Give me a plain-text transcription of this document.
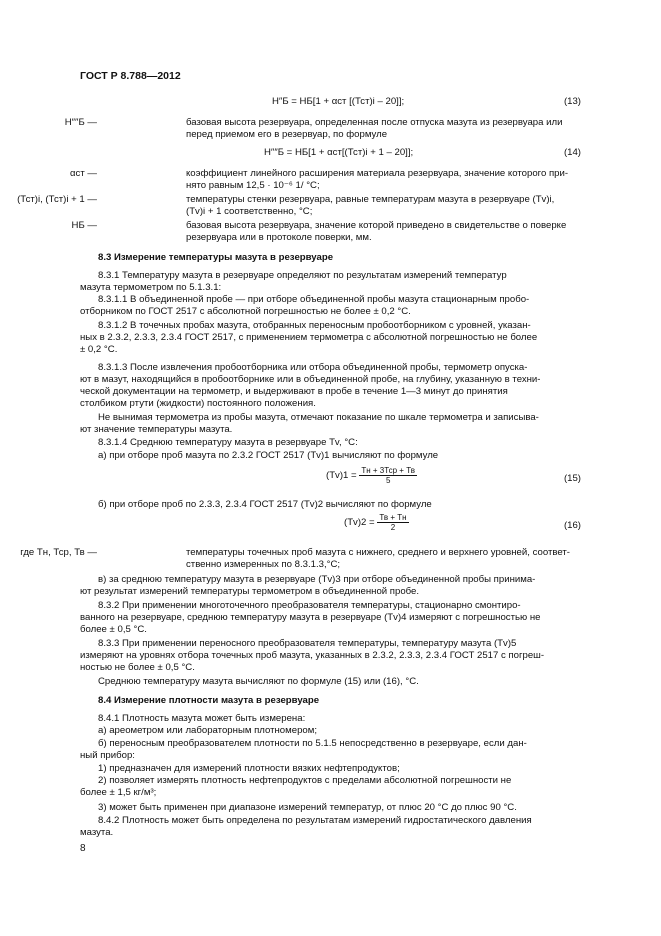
ГОСТ Р 8.788—2012
Н″Б = НБ[1 + αст [(Тст)i – 20]];	(13)
Н″″Б —	базовая высота резервуара, определенная после отпуска мазута из резервуара или
перед приемом его в резервуар, по формуле
Н″″Б = НБ[1 + αст[(Тст)i + 1 – 20]];	(14)
αст —	коэффициент линейного расширения материала резервуара, значение которого при-
нято равным 12,5 · 10⁻⁶ 1/ °С;
(Тст)i, (Тст)i + 1 —	температуры стенки резервуара, равные температурам мазута в резервуаре (Тv)i,
(Тv)i + 1 соответственно, °С;
НБ —	базовая высота резервуара, значение которой приведено в свидетельстве о поверке
резервуара или в протоколе поверки, мм.
8.3 Измерение температуры мазута в резервуаре
8.3.1 Температуру мазута в резервуаре определяют по результатам измерений температур
мазута термометром по 5.1.3.1:
8.3.1.1 В объединенной пробе — при отборе объединенной пробы мазута стационарным пробо-
отборником по ГОСТ 2517 с абсолютной погрешностью не более ± 0,2 °С.
8.3.1.2 В точечных пробах мазута, отобранных переносным пробоотборником с уровней, указан-
ных в 2.3.2, 2.3.3, 2.3.4 ГОСТ 2517, с применением термометра с абсолютной погрешностью не более
± 0,2 °С.
8.3.1.3 После извлечения пробоотборника или отбора объединенной пробы, термометр опуска-
ют в мазут, находящийся в пробоотборнике или в объединенной пробе, на глубину, указанную в техни-
ческой документации на термометр, и выдерживают в пробе в течение 1—3 минут до принятия
столбиком ртути (жидкости) постоянного положения.
Не вынимая термометра из пробы мазута, отмечают показание по шкале термометра и записыва-
ют значение температуры мазута.
8.3.1.4 Среднюю температуру мазута в резервуаре Тv, °С:
а) при отборе проб мазута по 2.3.2 ГОСТ 2517 (Тv)1 вычисляют по формуле
$(Тv)1 = \frac{\text{Тн + 3Тср + Тв}}{5}$	(15)
б) при отборе проб по 2.3.3, 2.3.4 ГОСТ 2517 (Тv)2 вычисляют по формуле
$(Тv)2 = \frac{Тв + Тн}{2}$	(16)
где Тн, Тср, Тв —	температуры точечных проб мазута с нижнего, среднего и верхнего уровней, соответ-
ственно измеренных по 8.3.1.3,°С;
в) за среднюю температуру мазута в резервуаре (Тv)3 при отборе объединенной пробы принима-
ют результат измерений температуры термометром в объединенной пробе.
8.3.2 При применении многоточечного преобразователя температуры, стационарно смонтиро-
ванного на резервуаре, среднюю температуру мазута в резервуаре (Тv)4 измеряют с погрешностью не
более ± 0,5 °С.
8.3.3 При применении переносного преобразователя температуры, температуру мазута (Тv)5
измеряют на уровнях отбора точечных проб мазута, указанных в 2.3.2, 2.3.3, 2.3.4 ГОСТ 2517 с погреш-
ностью не более ± 0,5 °С.
Среднюю температуру мазута вычисляют по формуле (15) или (16), °С.
8.4 Измерение плотности мазута в резервуаре
8.4.1 Плотность мазута может быть измерена:
а) ареометром или лабораторным плотномером;
б) переносным преобразователем плотности по 5.1.5 непосредственно в резервуаре, если дан-
ный прибор:
1) предназначен для измерений плотности вязких нефтепродуктов;
2) позволяет измерять плотность нефтепродуктов с пределами абсолютной погрешности не
более ± 1,5 кг/м³;
3) может быть применен при диапазоне измерений температур, от плюс 20 °С до плюс 90 °С.
8.4.2 Плотность может быть определена по результатам измерений гидростатического давления
мазута.
8
